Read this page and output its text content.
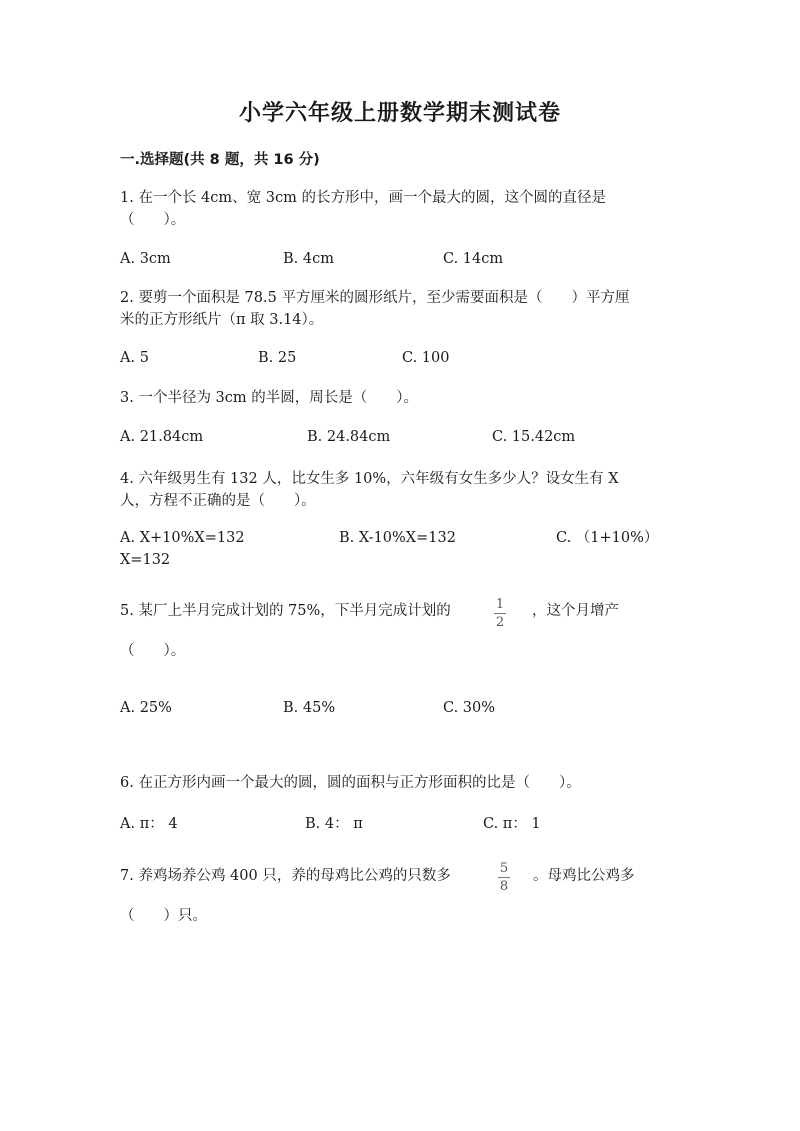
小学六年级上册数学期末测试卷
一.选择题(共 8 题，共 16 分)
1. 在一个长 4cm、宽 3cm 的长方形中，画一个最大的圆，这个圆的直径是
（　　）。
A. 3cm	B. 4cm	C. 14cm
2. 要剪一个面积是 78.5 平方厘米的圆形纸片，至少需要面积是（　　）平方厘
米的正方形纸片（π 取 3.14）。
A. 5	B. 25	C. 100
3. 一个半径为 3cm 的半圆，周长是（　　）。
A. 21.84cm	B. 24.84cm	C. 15.42cm
4. 六年级男生有 132 人，比女生多 10%，六年级有女生多少人？设女生有 X
人，方程不正确的是（　　）。
A. X+10%X=132	B. X-10%X=132	C. （1+10%）
X=132
5. 某厂上半月完成计划的 75%，下半月完成计划的	1
2
，这个月增产
（　　）。
A. 25%	B. 45%	C. 30%
6. 在正方形内画一个最大的圆，圆的面积与正方形面积的比是（　　）。
A. π： 4	B. 4： π	C. π： 1
7. 养鸡场养公鸡 400 只，养的母鸡比公鸡的只数多	5
8
。母鸡比公鸡多
（　　）只。
